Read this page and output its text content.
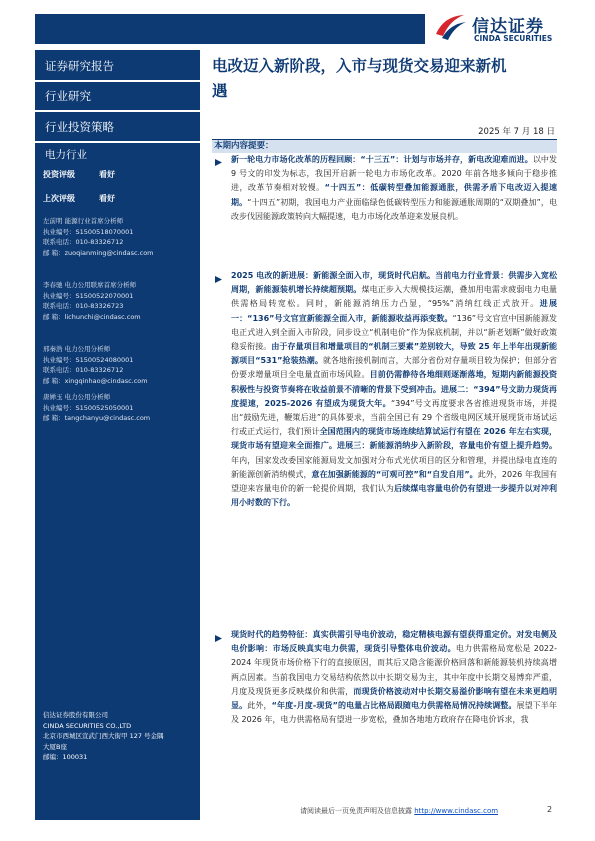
信达证券
CINDA SECURITIES
证券研究报告
行业研究
行业投资策略
电力行业
投资评级	看好
上次评级	看好
左前明 能源行业首席分析师
执业编号：S1500518070001
联系电话：010-83326712
邮 箱：zuoqianming@cindasc.com
李春驰 电力公用联席首席分析师
执业编号：S1500522070001
联系电话：010-83326723
邮 箱：lichunchi@cindasc.com
邢秦浩 电力公用分析师
执业编号：S1500524080001
联系电话：010-83326712
邮 箱：xingqinhao@cindasc.com
唐婵玉 电力公用分析师
执业编号：S1500525050001
邮 箱：tangchanyu@cindasc.com
信达证券股份有限公司
CINDA SECURITIES CO.,LTD
北京市西城区宣武门西大街甲 127 号金隅
大厦B座
邮编：100031
电改迈入新阶段，入市与现货交易迎来新机
遇
2025 年 7 月 18 日
本期内容提要：
新一轮电力市场化改革的历程回顾：“十三五”：计划与市场并存，新电改迎难而进。以中发 9 号文的印发为标志，我国开启新一轮电力市场化改革。2020 年前各地多倾向于稳步推进，改革节奏相对较慢。“十四五”：低碳转型叠加能源通胀，供需矛盾下电改迈入提速期。“十四五”初期，我国电力产业面临绿色低碳转型压力和能源通胀周期的“双期叠加”，电改步伐因能源政策转向大幅提速，电力市场化改革迎来发展良机。
2025 电改的新进展：新能源全面入市，现货时代启航。当前电力行业背景：供需步入宽松周期，新能源装机增长持续超预期。煤电正步入大规模技运潮，叠加用电需求疲弱电力电量供需格局转宽松。同时，新能源消纳压力凸显，“95%”消纳红线正式放开。进展一：“136”号文官宣新能源全面入市，新能源收益再添变数。“136”号文官宣中国新能源发电正式进入到全面入市阶段，同步设立“机制电价”作为保底机制，并以“新老划断”做好政策稳妥衔接。由于存量项目和增量项目的“机制三要素”差别较大，导致 25 年上半年出现新能源项目“531”抢装热潮。就各地衔接机制而言，大部分省份对存量项目较为保护；但部分省份要求增量项目全电量直面市场风险。目前仍需静待各地细则逐渐落地，短期内新能源投资积极性与投资节奏将在收益前景不清晰的背景下受到冲击。进展二：“394”号文助力现货再度提速，2025-2026 有望成为现货大年。“394”号文再度要求各省推进现货市场，并提出“鼓励先进，鞭策后进”的具体要求，当前全国已有 29 个省级电网区域开展现货市场试运行或正式运行，我们预计全国范围内的现货市场连续结算试运行有望在 2026 年左右实现，现货市场有望迎来全面推广。进展三：新能源消纳步入新阶段，容量电价有望上提升趋势。年内，国家发改委国家能源局发文加强对分布式光伏项目的区分和管理，并提出绿电直连的新能源创新消纳模式，意在加强新能源的“可观可控”和“自发自用”。此外，2026 年我国有望迎来容量电价的新一轮提价周期，我们认为后续煤电容量电价仍有望进一步提升以对冲利用小时数的下行。
现货时代的趋势特征：真实供需引导电价波动，稳定精核电源有望获得重定价。对发电侧及电价影响：市场反映真实电力供需，现货引导整体电价波动。电力供需格局宽松是 2022-2024 年现货市场价格下行的直接原因，而其后又隐含能源价格回落和新能源装机持续高增两点因素。当前我国电力交易结构依然以中长期交易为主，其中年度中长期交易博弈严重，月度及现货更多反映煤价和供需，而现货价格波动对中长期交易溢价影响有望在未来更趋明显。此外，“年度-月度-现货”的电量占比格局跟随电力供需格局情况持续调整。展望下半年及 2026 年，电力供需格局有望进一步宽松，叠加各地地方政府存在降电价诉求，我
请阅读最后一页免责声明及信息披露 http://www.cindasc.com	2
